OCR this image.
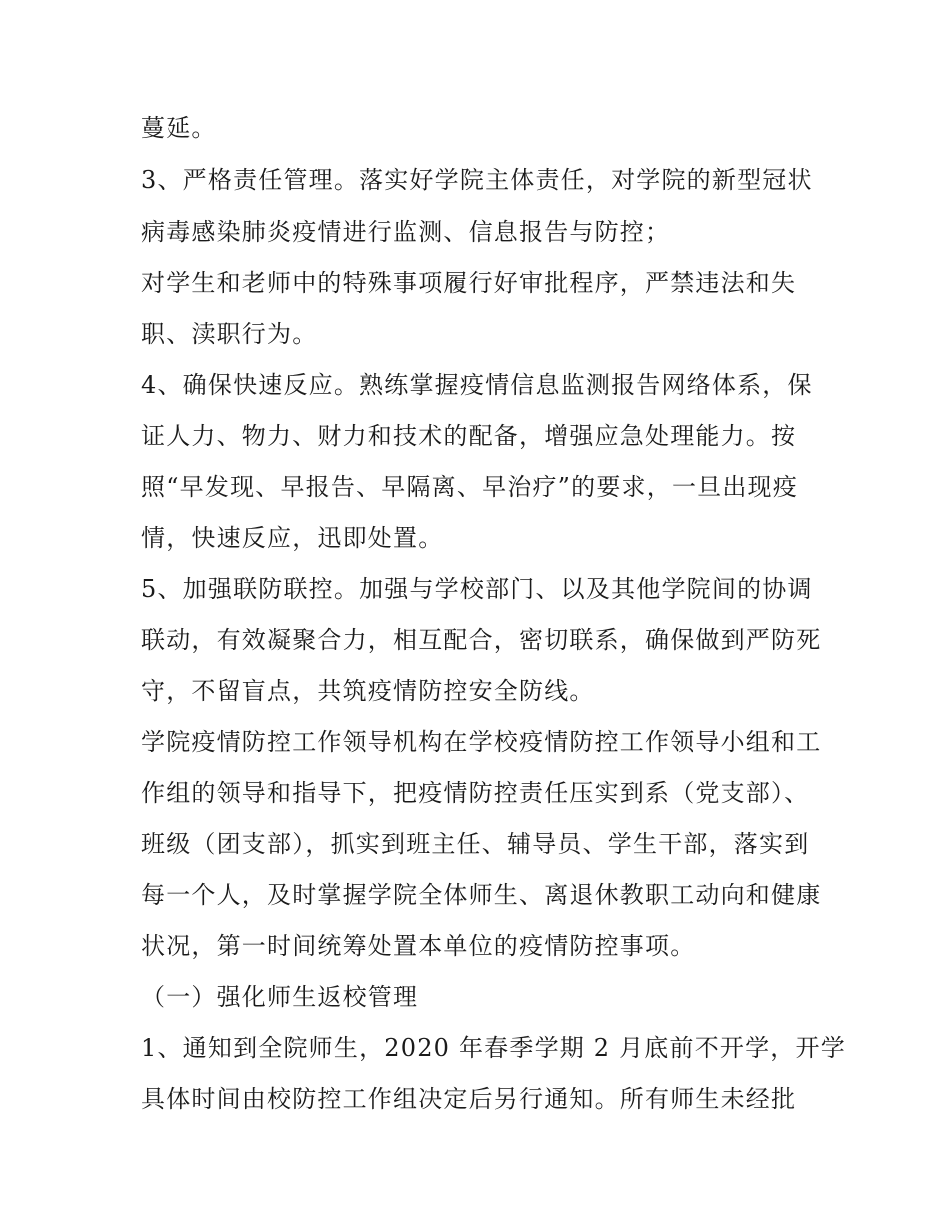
蔓延。
3、严格责任管理。落实好学院主体责任，对学院的新型冠状
病毒感染肺炎疫情进行监测、信息报告与防控；
对学生和老师中的特殊事项履行好审批程序，严禁违法和失
职、渎职行为。
4、确保快速反应。熟练掌握疫情信息监测报告网络体系，保
证人力、物力、财力和技术的配备，增强应急处理能力。按
照“早发现、早报告、早隔离、早治疗”的要求，一旦出现疫
情，快速反应，迅即处置。
5、加强联防联控。加强与学校部门、以及其他学院间的协调
联动，有效凝聚合力，相互配合，密切联系，确保做到严防死
守，不留盲点，共筑疫情防控安全防线。
学院疫情防控工作领导机构在学校疫情防控工作领导小组和工
作组的领导和指导下，把疫情防控责任压实到系（党支部）、
班级（团支部），抓实到班主任、辅导员、学生干部，落实到
每一个人，及时掌握学院全体师生、离退休教职工动向和健康
状况，第一时间统筹处置本单位的疫情防控事项。
（一）强化师生返校管理
1、通知到全院师生，2020 年春季学期 2 月底前不开学，开学
具体时间由校防控工作组决定后另行通知。所有师生未经批
